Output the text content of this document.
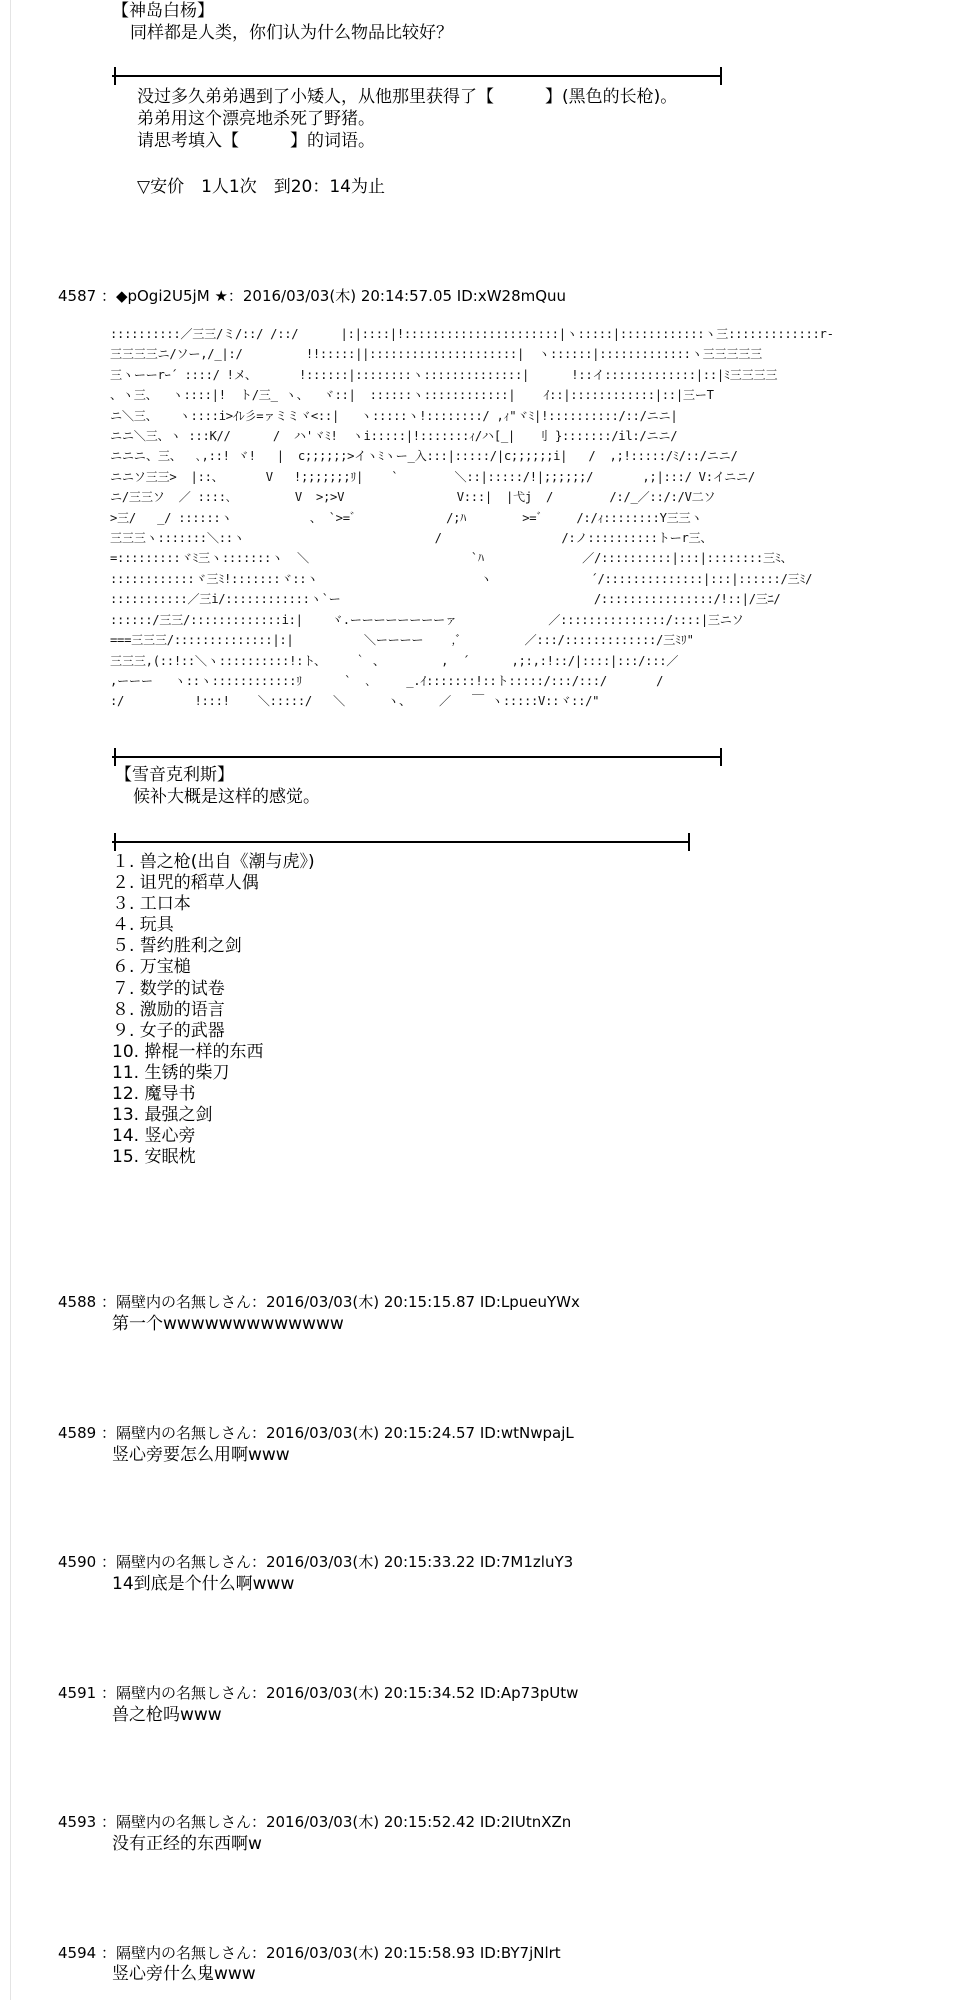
【神岛白杨】
同样都是人类，你们认为什么物品比较好？
没过多久弟弟遇到了小矮人，从他那里获得了【　　　】(黑色的长枪)。
弟弟用这个漂亮地杀死了野猪。
请思考填入【　　　】的词语。
▽安价　1人1次　到20：14为止
4587 ：◆pOgi2U5jM ★：2016/03/03(木) 20:14:57.05 ID:xW28mQuu
::::::::::／三三/ミ/::/ /::/      |:|::::|!::::::::::::::::::::::|ヽ:::::|::::::::::::ヽ三:::::::::::::r-
三三三三ニ/ソー,/_|:/         !!:::::||:::::::::::::::::::::|  ヽ::::::|:::::::::::::ヽ三三三三三
三ヽーーrｰ´ ::::/ !メ、      !::::::|::::::::ヽ::::::::::::::|      !::イ:::::::::::::|::|ﾐ三三三三
、ヽ三、  ヽ::::|!  ト/三_ ヽ、  ヾ::|  ::::::ヽ::::::::::::|    ｲ::|::::::::::::|::|三ーT
ニ＼三、   ヽ::::i>ｲﾚ彡=ァミミヾ<::|   ヽ:::::ヽ!::::::::/ ,ｨ"ヾﾐ|!::::::::::/::/ニニ|
ニニ＼三、ヽ :::K//      /  ハ'ヾﾐ!  ヽi:::::|!:::::::ｨ/ハ[_|   刂 }:::::::/il:/ニニ/
ニニニ、三、  ､,::! ヾ!   |  c;;;;;;>イヽﾐヽー_入:::|:::::/|c;;;;;;i|   /  ,;!:::::/ﾐ/::/ニニ/
ニニソ三三>  |::、      V   !;;;;;;;ﾘ|    `        ＼::|:::::/!|;;;;;;/       ,;|:::/ V:イニニ/
ニ/三三ソ  ／ ::::､         V  >;>V                V:::|  |弋j  /        /:/_／::/:/V二ソ
>三/   _/ ::::::ヽ           、 `>=゛            /;ﾊ        >=゛    /:/ｨ::::::::Y三三ヽ
三三三ヽ:::::::＼::ヽ                           /                 /:ノ::::::::::トーr三、
=:::::::::ヾﾐ三ヽ:::::::ヽ  ＼                       `ﾊ              ／/::::::::::|:::|::::::::三ﾐ、
::::::::::::ヾ三ﾐ!:::::::ヾ::ヽ                       ヽ              ´/::::::::::::::|:::|::::::/三ﾐ/
:::::::::::／三i/::::::::::::ヽ`ー                                    /::::::::::::::::/!::|/三ﾆ/
::::::/三三/:::::::::::::i:|    ヾ.ーーーーーーーーァ             ／:::::::::::::::/::::|三ニソ
===三三三/::::::::::::::|:|          ＼ーーーー    ,ﾞ         ／:::/:::::::::::::/三ﾐﾘ"
三三三,(::!::＼ヽ::::::::::!:ト、    ｀ 、        ,  ´      ,;:,:!::/|::::|:::/:::／
,ーーー   ヽ::ヽ::::::::::::ﾘ      `  ､     _.ｲ:::::::!::ト:::::/:::/:::/       /
:/          !:::!    ＼:::::/   ＼      ヽ、    ／   ￣ ヽ:::::V::ヾ::/"
【雪音克利斯】
候补大概是这样的感觉。
１. 兽之枪(出自《潮与虎》)
２. 诅咒的稻草人偶
３. 工口本
４. 玩具
５. 誓约胜利之剑
６. 万宝槌
７. 数学的试卷
８. 激励的语言
９. 女子的武器
10. 擀棍一样的东西
11. 生锈的柴刀
12. 魔导书
13. 最强之剑
14. 竖心旁
15. 安眠枕
4588 ：隔壁内の名無しさん：2016/03/03(木) 20:15:15.87 ID:LpueuYWx
第一个wwwwwwwwwwwww
4589 ：隔壁内の名無しさん：2016/03/03(木) 20:15:24.57 ID:wtNwpajL
竖心旁要怎么用啊www
4590 ：隔壁内の名無しさん：2016/03/03(木) 20:15:33.22 ID:7M1zluY3
14到底是个什么啊www
4591 ：隔壁内の名無しさん：2016/03/03(木) 20:15:34.52 ID:Ap73pUtw
兽之枪吗www
4593 ：隔壁内の名無しさん：2016/03/03(木) 20:15:52.42 ID:2IUtnXZn
没有正经的东西啊w
4594 ：隔壁内の名無しさん：2016/03/03(木) 20:15:58.93 ID:BY7jNlrt
竖心旁什么鬼www
